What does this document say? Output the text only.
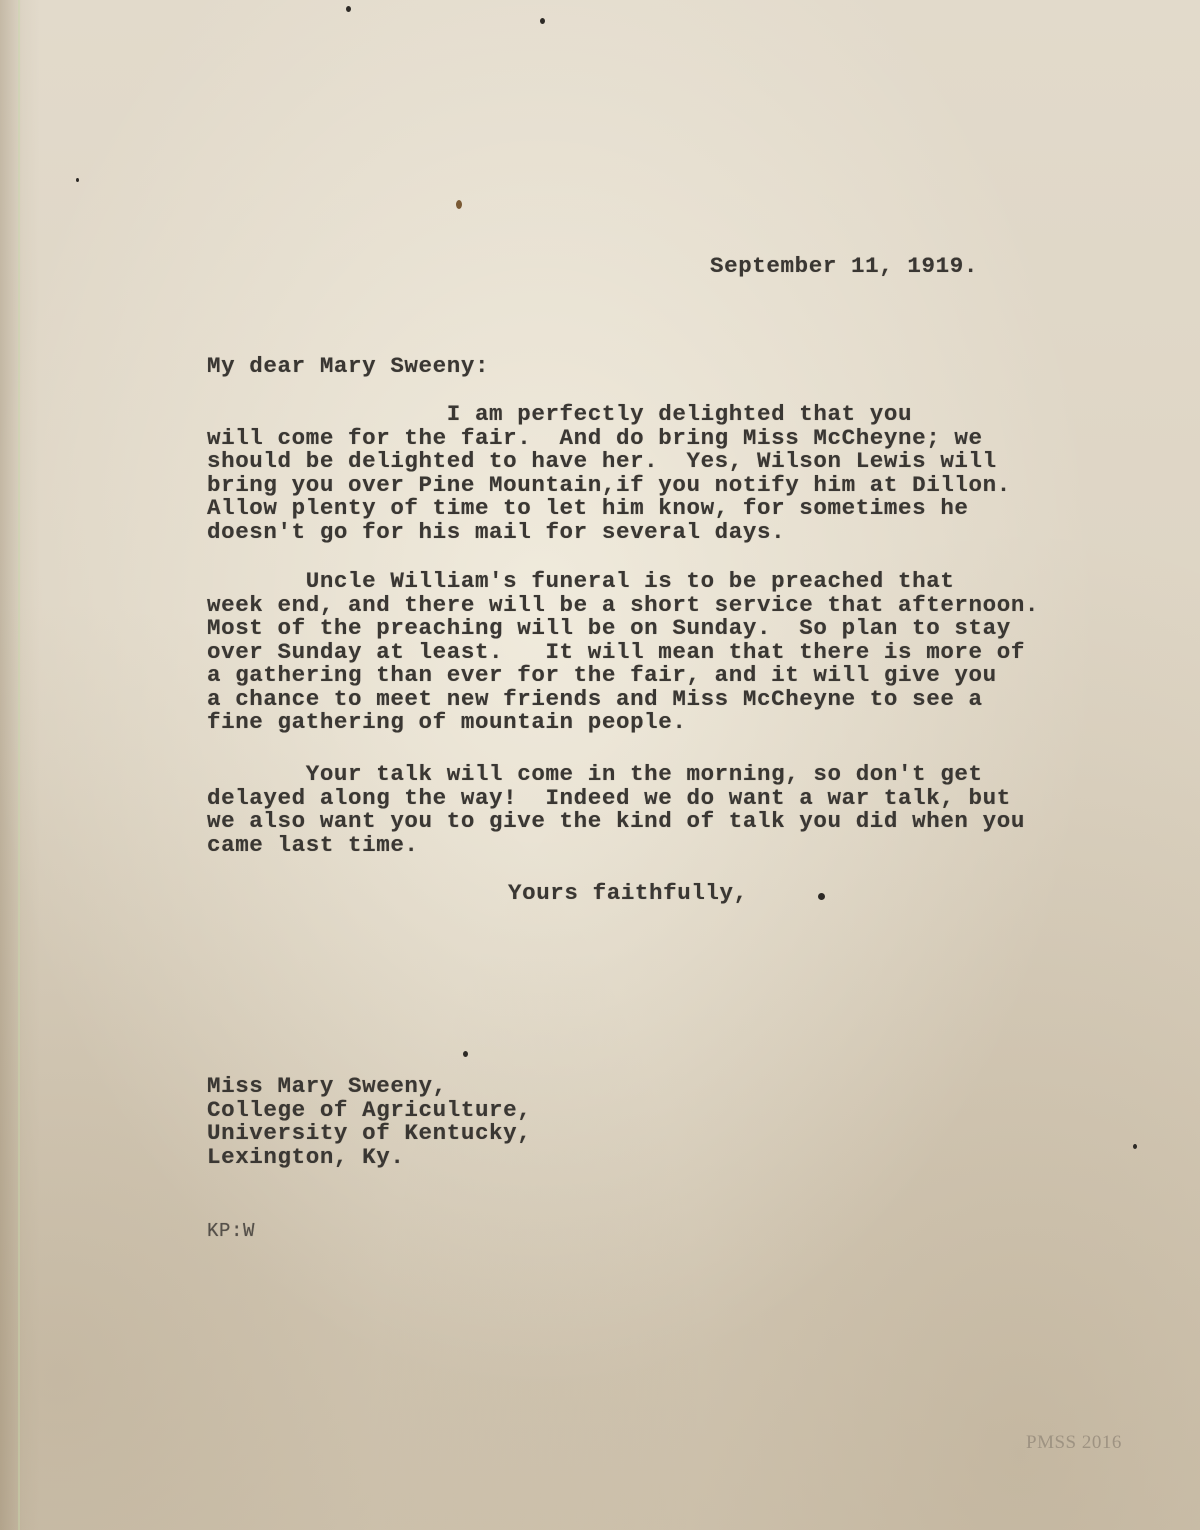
September 11, 1919.

My dear Mary Sweeny:

I am perfectly delighted that you
will come for the fair.  And do bring Miss McCheyne; we
should be delighted to have her.  Yes, Wilson Lewis will
bring you over Pine Mountain,if you notify him at Dillon.
Allow plenty of time to let him know, for sometimes he
doesn't go for his mail for several days.

Uncle William's funeral is to be preached that
week end, and there will be a short service that afternoon.
Most of the preaching will be on Sunday.  So plan to stay
over Sunday at least.   It will mean that there is more of
a gathering than ever for the fair, and it will give you
a chance to meet new friends and Miss McCheyne to see a
fine gathering of mountain people.

Your talk will come in the morning, so don't get
delayed along the way!  Indeed we do want a war talk, but
we also want you to give the kind of talk you did when you
came last time.

Yours faithfully,

Miss Mary Sweeny,
College of Agriculture,
University of Kentucky,
Lexington, Ky.

KP:W

PMSS 2016
